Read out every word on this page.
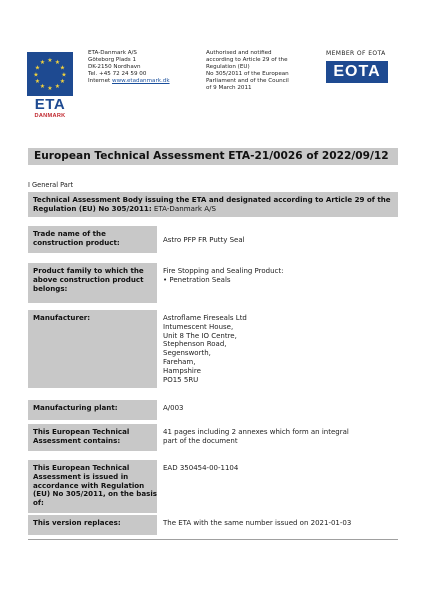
★ ★
★
★
★
★
★
★
★
★
★
★
ETA
DANMARK
ETA-Danmark A/S
Göteborg Plads 1
DK-2150 Nordhavn
Tel. +45 72 24 59 00
Internet www.etadanmark.dk
Authorised and notified
according to Article 29 of the
Regulation (EU)
No 305/2011 of the European
Parliament and of the Council
of 9 March 2011
MEMBER OF EOTA
EOTA
European Technical Assessment ETA-21/0026 of 2022/09/12
I General Part
Technical Assessment Body issuing the ETA and designated according to Article 29 of the Regulation (EU) No 305/2011: ETA-Danmark A/S
Trade name of the construction product:	Astro PFP FR Putty Seal
Product family to which the above construction product belongs:
Fire Stopping and Sealing Product:
• Penetration Seals
Manufacturer:	Astroflame Fireseals Ltd
Intumescent House,
Unit 8 The IO Centre,
Stephenson Road,
Segensworth,
Fareham,
Hampshire
PO15 5RU
Manufacturing plant:	A/003
This European Technical Assessment contains:
41 pages including 2 annexes which form an integral
part of the document
This European Technical Assessment is issued in accordance with Regulation (EU) No 305/2011, on the basis of:
EAD 350454-00-1104
This version replaces:	The ETA with the same number issued on 2021-01-03
